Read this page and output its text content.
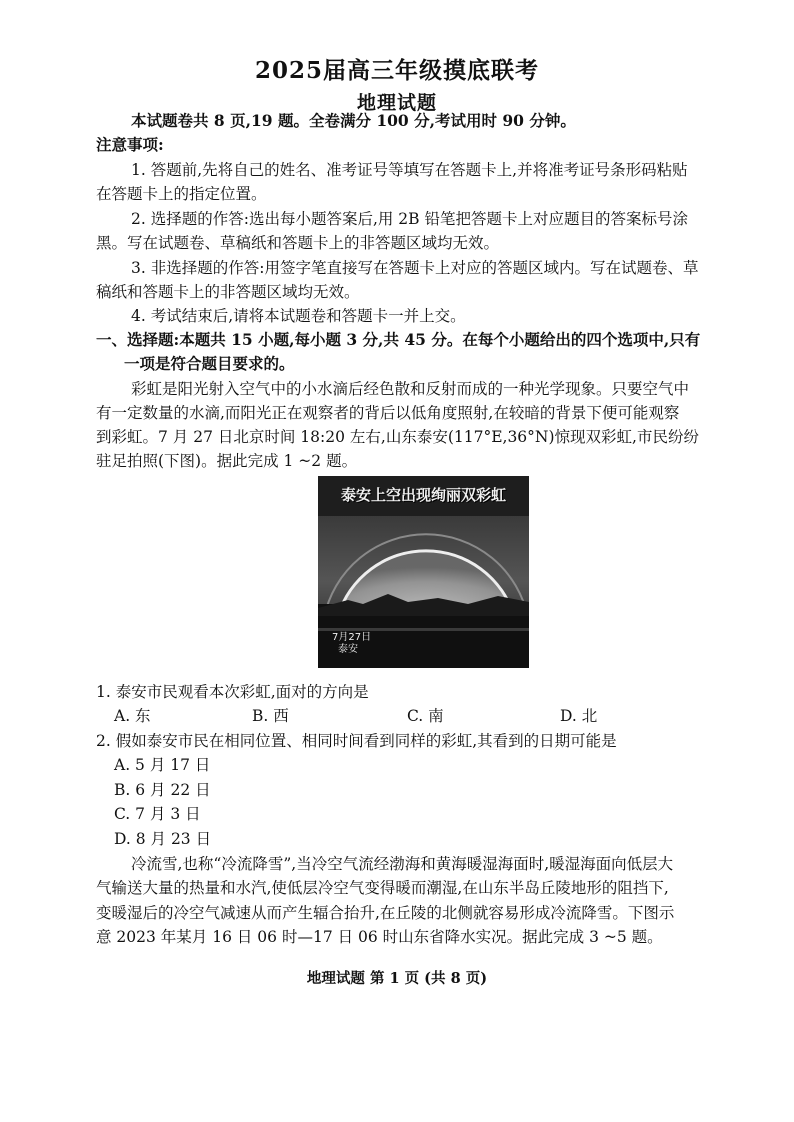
2025届高三年级摸底联考
地理试题
本试题卷共 8 页,19 题。全卷满分 100 分,考试用时 90 分钟。
注意事项:
1. 答题前,先将自己的姓名、准考证号等填写在答题卡上,并将准考证号条形码粘贴
在答题卡上的指定位置。
2. 选择题的作答:选出每小题答案后,用 2B 铅笔把答题卡上对应题目的答案标号涂
黑。写在试题卷、草稿纸和答题卡上的非答题区域均无效。
3. 非选择题的作答:用签字笔直接写在答题卡上对应的答题区域内。写在试题卷、草
稿纸和答题卡上的非答题区域均无效。
4. 考试结束后,请将本试题卷和答题卡一并上交。
一、选择题:本题共 15 小题,每小题 3 分,共 45 分。在每个小题给出的四个选项中,只有
一项是符合题目要求的。
彩虹是阳光射入空气中的小水滴后经色散和反射而成的一种光学现象。只要空气中
有一定数量的水滴,而阳光正在观察者的背后以低角度照射,在较暗的背景下便可能观察
到彩虹。7 月 27 日北京时间 18:20 左右,山东泰安(117°E,36°N)惊现双彩虹,市民纷纷
驻足拍照(下图)。据此完成 1 ~2 题。
泰安上空出现绚丽双彩虹
7月27日
泰安
1. 泰安市民观看本次彩虹,面对的方向是
A. 东	B. 西	C. 南	D. 北
2. 假如泰安市民在相同位置、相同时间看到同样的彩虹,其看到的日期可能是
A. 5 月 17 日
B. 6 月 22 日
C. 7 月 3 日
D. 8 月 23 日
冷流雪,也称“冷流降雪”,当冷空气流经渤海和黄海暖湿海面时,暖湿海面向低层大
气输送大量的热量和水汽,使低层冷空气变得暖而潮湿,在山东半岛丘陵地形的阻挡下,
变暖湿后的冷空气减速从而产生辐合抬升,在丘陵的北侧就容易形成冷流降雪。下图示
意 2023 年某月 16 日 06 时—17 日 06 时山东省降水实况。据此完成 3 ~5 题。
地理试题 第 1 页 (共 8 页)
